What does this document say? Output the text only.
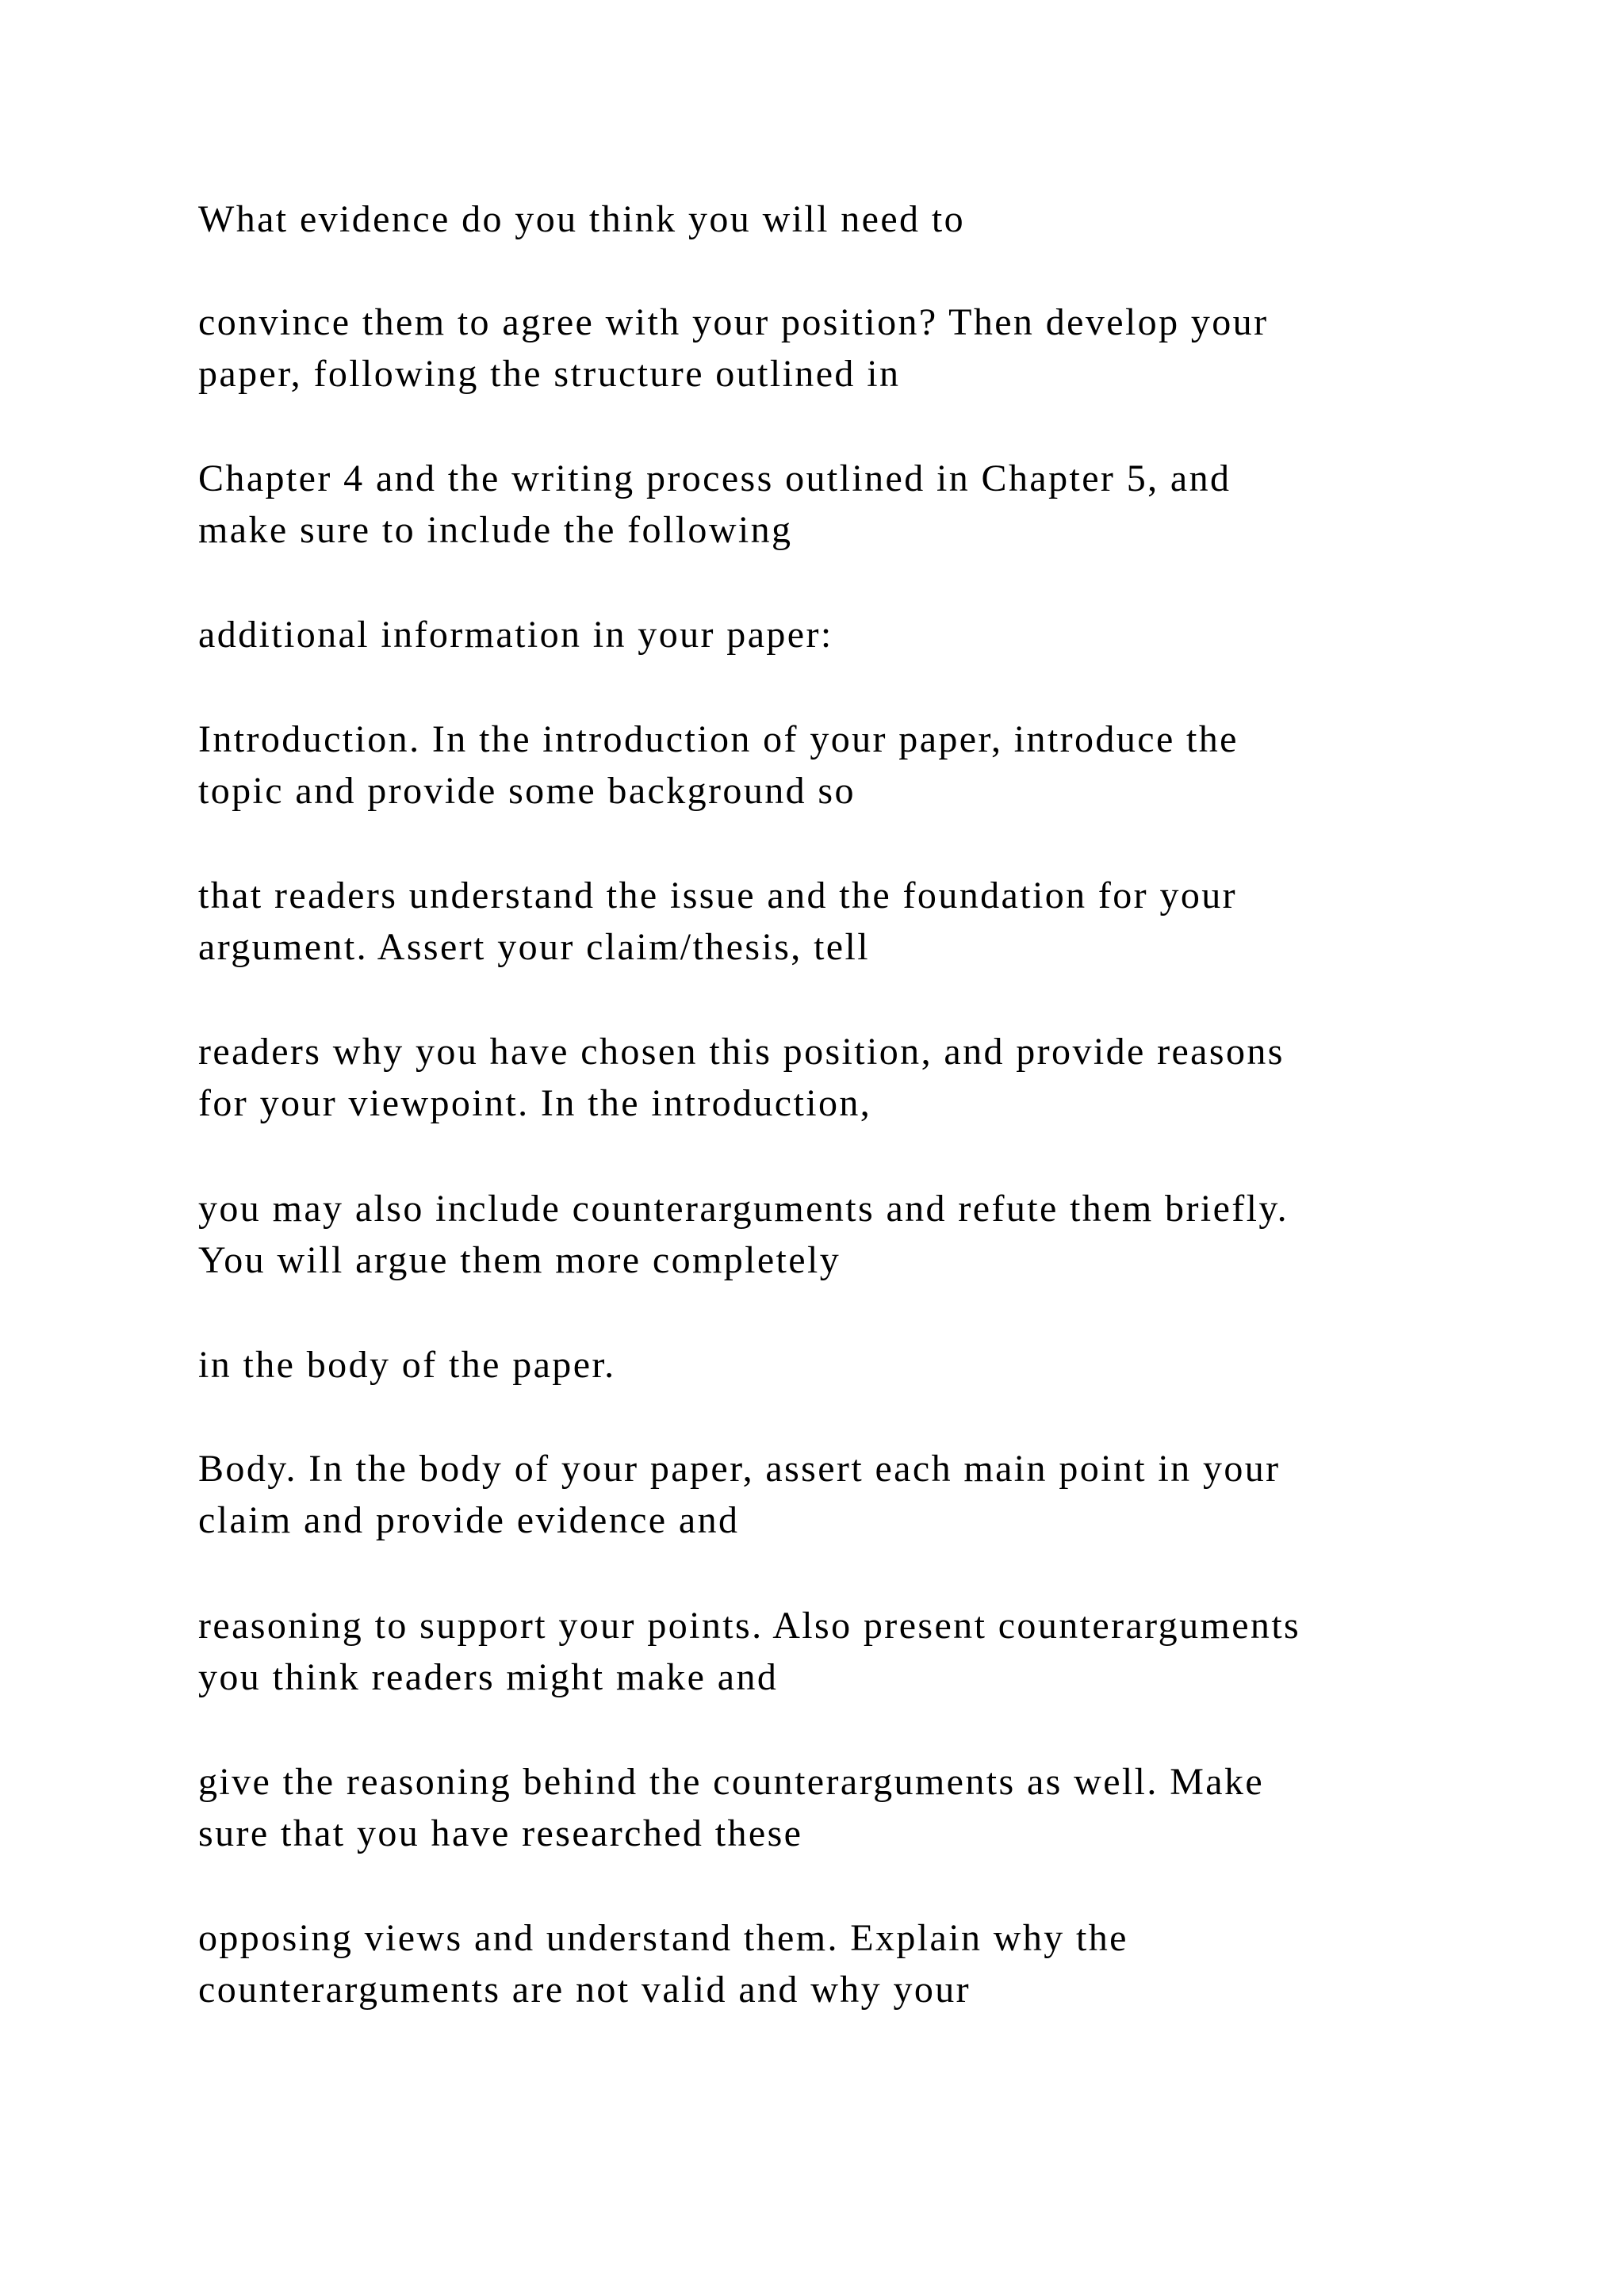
What evidence do you think you will need to
convince them to agree with your position? Then develop your
paper, following the structure outlined in
Chapter 4 and the writing process outlined in Chapter 5, and
make sure to include the following
additional information in your paper:
Introduction. In the introduction of your paper, introduce the
topic and provide some background so
that readers understand the issue and the foundation for your
argument. Assert your claim/thesis, tell
readers why you have chosen this position, and provide reasons
for your viewpoint. In the introduction,
you may also include counterarguments and refute them briefly.
You will argue them more completely
in the body of the paper.
Body. In the body of your paper, assert each main point in your
claim and provide evidence and
reasoning to support your points. Also present counterarguments
you think readers might make and
give the reasoning behind the counterarguments as well. Make
sure that you have researched these
opposing views and understand them. Explain why the
counterarguments are not valid and why your
